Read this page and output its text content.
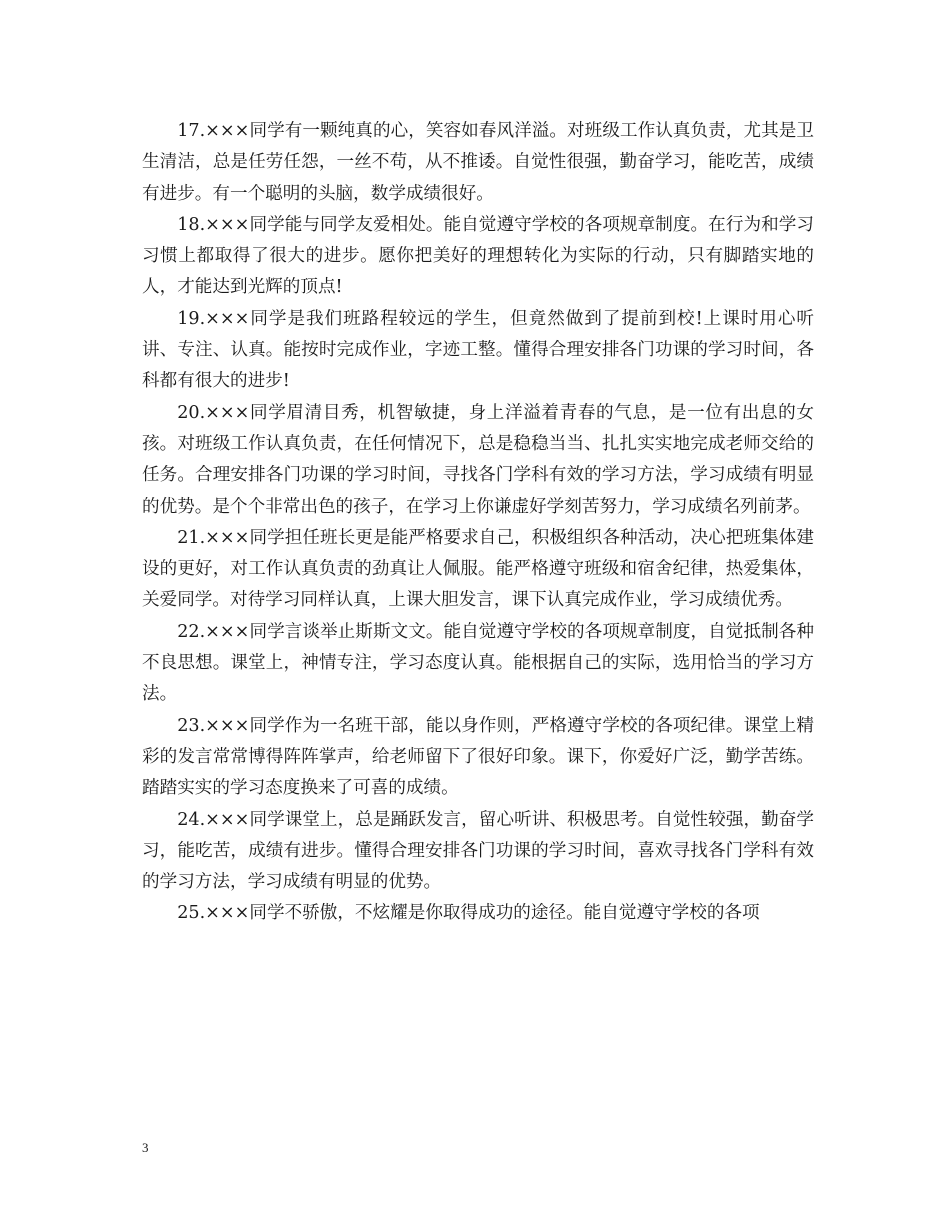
17.×××同学有一颗纯真的心，笑容如春风洋溢。对班级工作认真负责，尤其是卫生清洁，总是任劳任怨，一丝不苟，从不推诿。自觉性很强，勤奋学习，能吃苦，成绩有进步。有一个聪明的头脑，数学成绩很好。

18.×××同学能与同学友爱相处。能自觉遵守学校的各项规章制度。在行为和学习习惯上都取得了很大的进步。愿你把美好的理想转化为实际的行动，只有脚踏实地的人，才能达到光辉的顶点!

19.×××同学是我们班路程较远的学生，但竟然做到了提前到校!上课时用心听讲、专注、认真。能按时完成作业，字迹工整。懂得合理安排各门功课的学习时间，各科都有很大的进步!

20.×××同学眉清目秀，机智敏捷，身上洋溢着青春的气息，是一位有出息的女孩。对班级工作认真负责，在任何情况下，总是稳稳当当、扎扎实实地完成老师交给的任务。合理安排各门功课的学习时间，寻找各门学科有效的学习方法，学习成绩有明显的优势。是个个非常出色的孩子，在学习上你谦虚好学刻苦努力，学习成绩名列前茅。

21.×××同学担任班长更是能严格要求自己，积极组织各种活动，决心把班集体建设的更好，对工作认真负责的劲真让人佩服。能严格遵守班级和宿舍纪律，热爱集体，关爱同学。对待学习同样认真，上课大胆发言，课下认真完成作业，学习成绩优秀。

22.×××同学言谈举止斯斯文文。能自觉遵守学校的各项规章制度，自觉抵制各种不良思想。课堂上，神情专注，学习态度认真。能根据自己的实际，选用恰当的学习方法。

23.×××同学作为一名班干部，能以身作则，严格遵守学校的各项纪律。课堂上精彩的发言常常博得阵阵掌声，给老师留下了很好印象。课下，你爱好广泛，勤学苦练。踏踏实实的学习态度换来了可喜的成绩。

24.×××同学课堂上，总是踊跃发言，留心听讲、积极思考。自觉性较强，勤奋学习，能吃苦，成绩有进步。懂得合理安排各门功课的学习时间，喜欢寻找各门学科有效的学习方法，学习成绩有明显的优势。

25.×××同学不骄傲，不炫耀是你取得成功的途径。能自觉遵守学校的各项

3
